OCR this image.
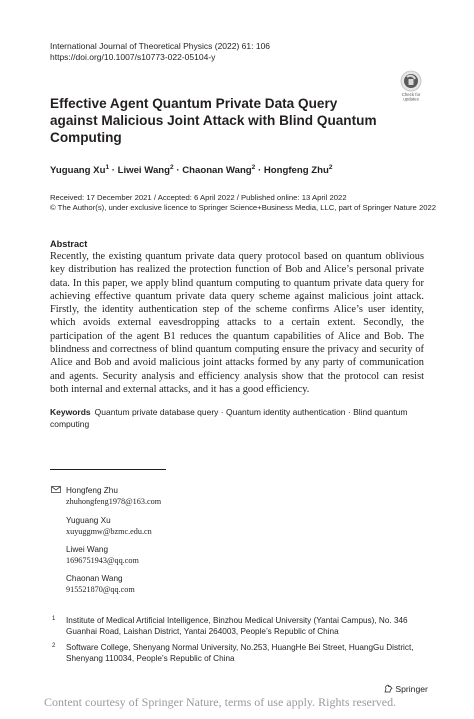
International Journal of Theoretical Physics (2022) 61: 106
https://doi.org/10.1007/s10773-022-05104-y
Check for
updates
Effective Agent Quantum Private Data Query against Malicious Joint Attack with Blind Quantum Computing
Yuguang $Xu^1$ · Liwei Wang$^2$ · Chaonan Wang$^2$ · Hongfeng Zhu$^2$
Received: 17 December 2021 / Accepted: 6 April 2022 / Published online: 13 April 2022
© The Author(s), under exclusive licence to Springer Science+Business Media, LLC, part of Springer Nature 2022
Abstract
Recently, the existing quantum private data query protocol based on quantum oblivious key distribution has realized the protection function of Bob and Alice’s personal private data. In this paper, we apply blind quantum computing to quantum private data query for achieving effective quantum private data query scheme against malicious joint attack. Firstly, the identity authentication step of the scheme confirms Alice’s user identity, which avoids external eavesdropping attacks to a certain extent. Secondly, the participation of the agent B1 reduces the quantum capabilities of Alice and Bob. The blindness and correctness of blind quantum computing ensure the privacy and security of Alice and Bob and avoid malicious joint attacks formed by any party of communication and agents. Security analysis and efficiency analysis show that the protocol can resist both internal and external attacks, and it has a good efficiency.
Keywords Quantum private database query · Quantum identity authentication · Blind quantum computing
Hongfeng Zhu
zhuhongfeng1978@163.com
Yuguang Xu
xuyuggmw@bzmc.edu.cn
Liwei Wang
1696751943@qq.com
Chaonan Wang
915521870@qq.com
1 Institute of Medical Artificial Intelligence, Binzhou Medical University (Yantai Campus), No. 346 Guanhai Road, Laishan District, Yantai 264003, People’s Republic of China
2 Software College, Shenyang Normal University, No.253, HuangHe Bei Street, HuangGu District, Shenyang 110034, People’s Republic of China
Springer
Content courtesy of Springer Nature, terms of use apply. Rights reserved.
